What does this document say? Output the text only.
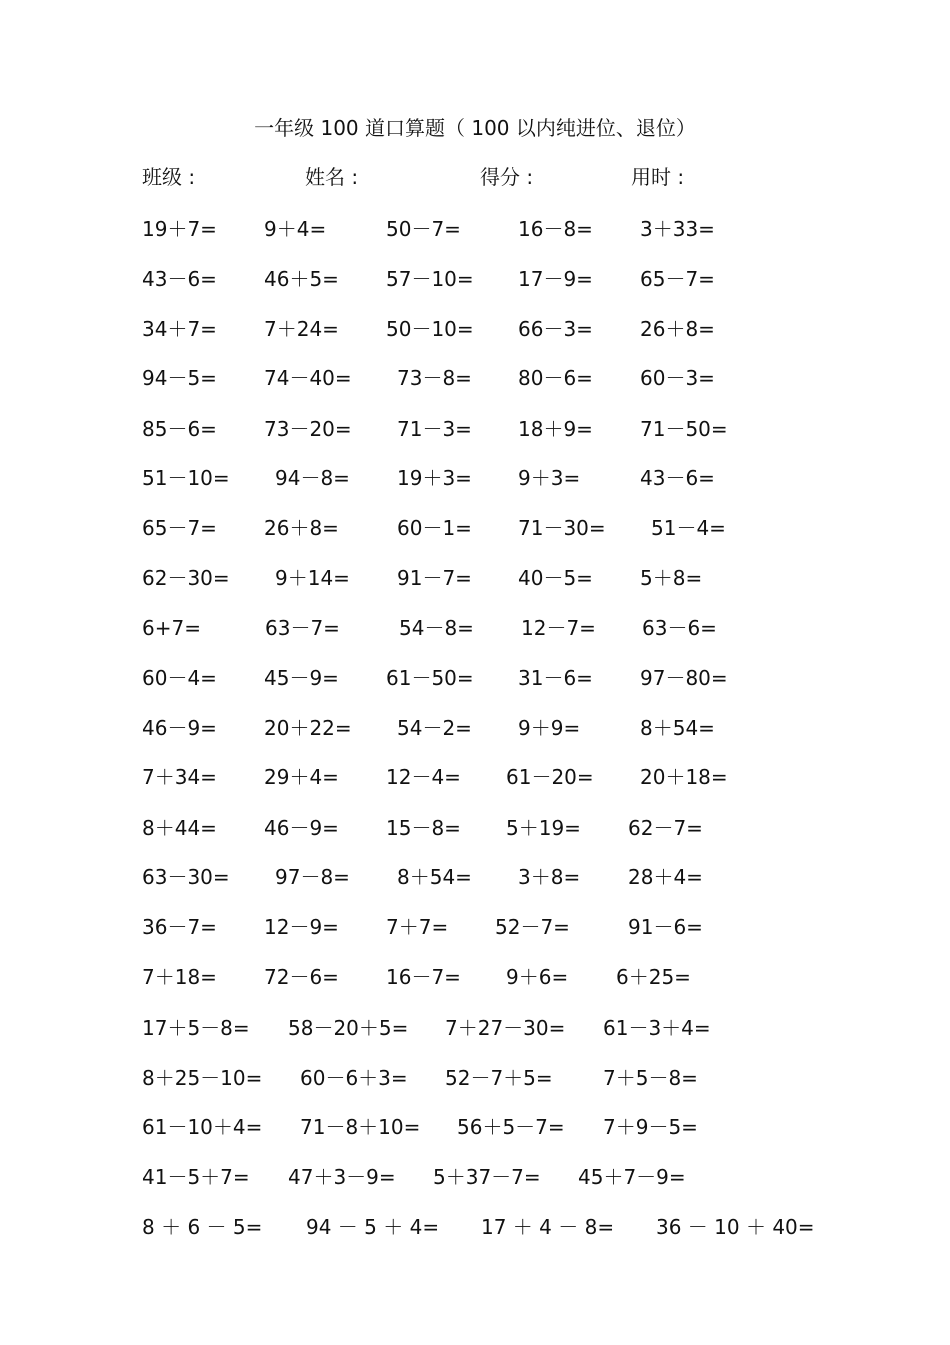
一年级 100 道口算题（ 100 以内纯进位、退位）
班级 :	姓名 :	得分 :	用时 :
19＋7= 9＋4=	50－7=	16－8= 3＋33=
43－6= 46＋5= 57－10= 17－9= 65－7=
34＋7= 7＋24= 50－10= 66－3= 26＋8=
94－5= 74－40= 73－8= 80－6= 60－3=
85－6= 73－20= 71－3= 18＋9= 71－50=
51－10= 94－8= 19＋3= 9＋3=	43－6=
65－7= 26＋8=	60－1= 71－30= 51－4=
62－30= 9＋14= 91－7= 40－5= 5＋8=
6+7=	63－7=	54－8= 12－7= 63－6=
60－4= 45－9= 61－50= 31－6= 97－80=
46－9= 20＋22= 54－2= 9＋9=	8＋54=
7＋34= 29＋4= 12－4= 61－20= 20＋18=
8＋44= 46－9= 15－8= 5＋19= 62－7=
63－30= 97－8= 8＋54= 3＋8= 28＋4=
36－7= 12－9= 7＋7= 52－7=	91－6=
7＋18= 72－6= 16－7= 9＋6= 6＋25=
17＋5－8= 58－20＋5= 7＋27－30= 61－3＋4=
8＋25－10= 60－6＋3= 52－7＋5=	7＋5－8=
61－10＋4= 71－8＋10= 56＋5－7= 7＋9－5=
41－5＋7= 47＋3－9= 5＋37－7= 45＋7－9=
8 ＋ 6 － 5= 94 － 5 ＋ 4= 17 ＋ 4 － 8= 36 － 10 ＋ 40=
